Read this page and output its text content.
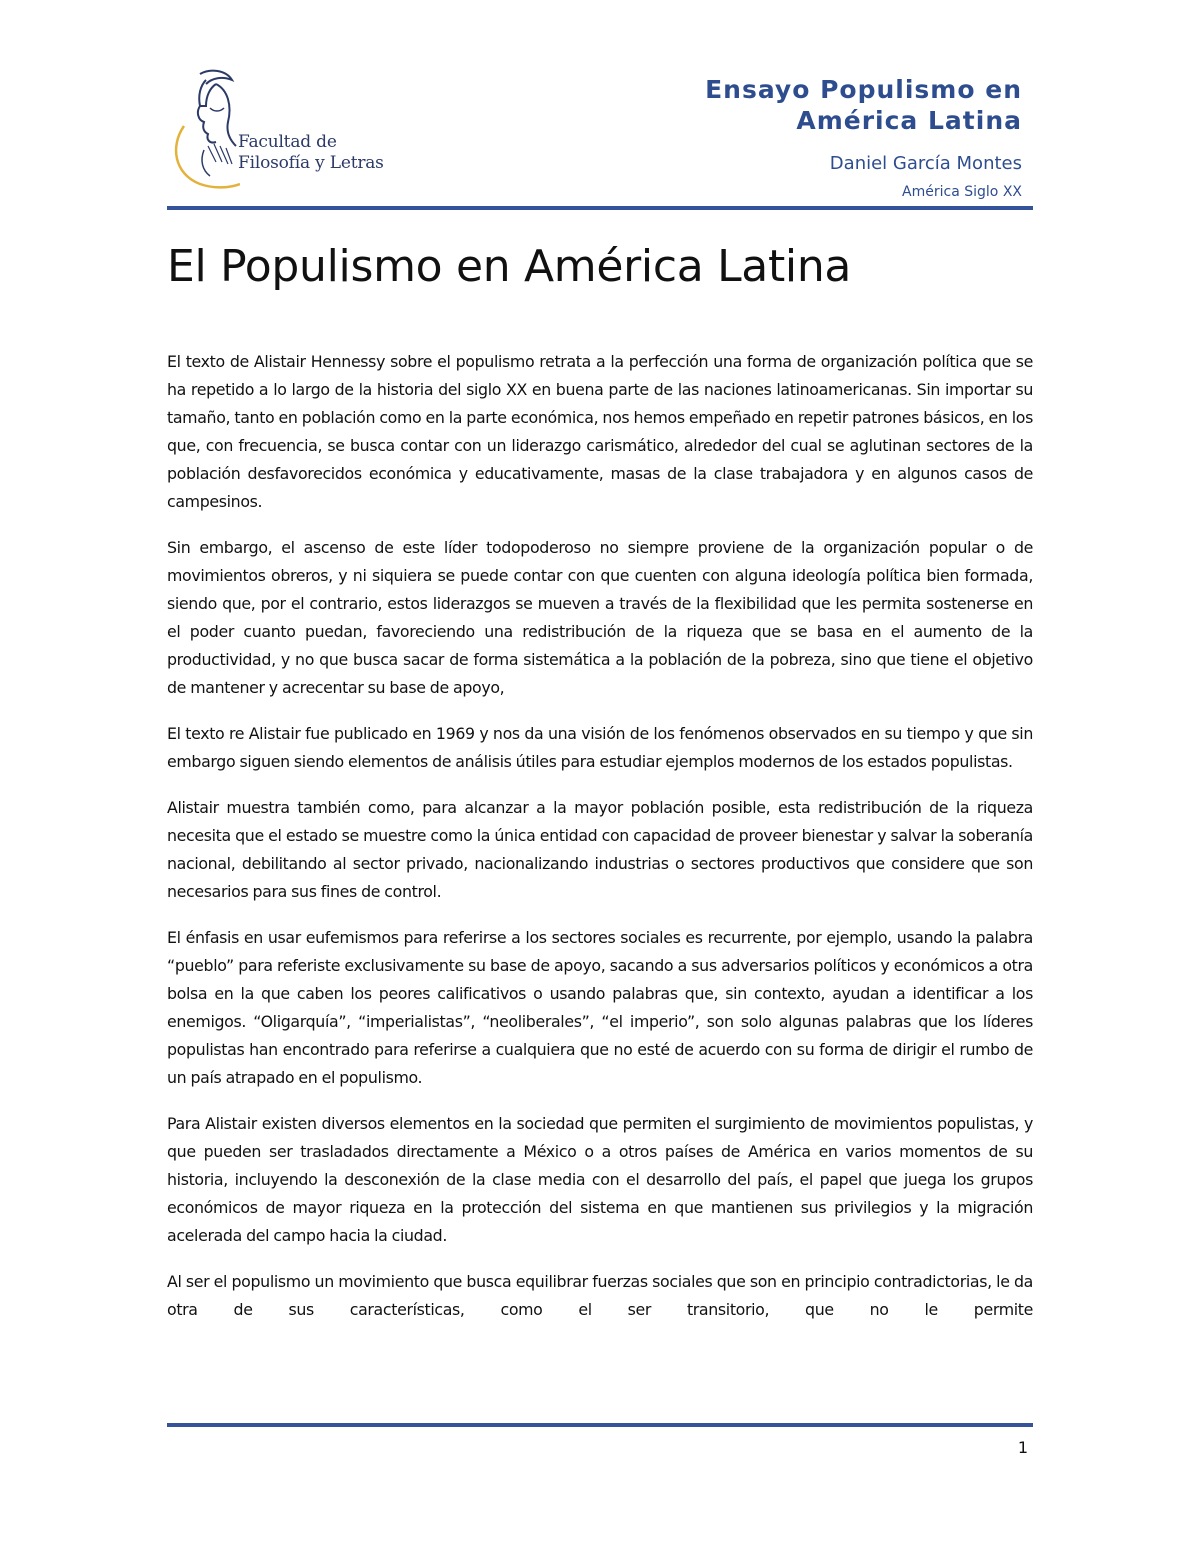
Facultad de
Filosofía y Letras
Ensayo Populismo en
América Latina
Daniel García Montes
América Siglo XX
El Populismo en América Latina

El texto de Alistair Hennessy sobre el populismo retrata a la perfección una forma de organización política que se ha repetido a lo largo de la historia del siglo XX en buena parte de las naciones latinoamericanas. Sin importar su tamaño, tanto en población como en la parte económica, nos hemos empeñado en repetir patrones básicos, en los que, con frecuencia, se busca contar con un liderazgo carismático, alrededor del cual se aglutinan sectores de la población desfavorecidos económica y educativamente, masas de la clase trabajadora y en algunos casos de campesinos.

Sin embargo, el ascenso de este líder todopoderoso no siempre proviene de la organización popular o de movimientos obreros, y ni siquiera se puede contar con que cuenten con alguna ideología política bien formada, siendo que, por el contrario, estos liderazgos se mueven a través de la flexibilidad que les permita sostenerse en el poder cuanto puedan, favoreciendo una redistribución de la riqueza que se basa en el aumento de la productividad, y no que busca sacar de forma sistemática a la población de la pobreza, sino que tiene el objetivo de mantener y acrecentar su base de apoyo,

El texto re Alistair fue publicado en 1969 y nos da una visión de los fenómenos observados en su tiempo y que sin embargo siguen siendo elementos de análisis útiles para estudiar ejemplos modernos de los estados populistas.

Alistair muestra también como, para alcanzar a la mayor población posible, esta redistribución de la riqueza necesita que el estado se muestre como la única entidad con capacidad de proveer bienestar y salvar la soberanía nacional, debilitando al sector privado, nacionalizando industrias o sectores productivos que considere que son necesarios para sus fines de control.

El énfasis en usar eufemismos para referirse a los sectores sociales es recurrente, por ejemplo, usando la palabra “pueblo” para referiste exclusivamente su base de apoyo, sacando a sus adversarios políticos y económicos a otra bolsa en la que caben los peores calificativos o usando palabras que, sin contexto, ayudan a identificar a los enemigos. “Oligarquía”, “imperialistas”, “neoliberales”, “el imperio”, son solo algunas palabras que los líderes populistas han encontrado para referirse a cualquiera que no esté de acuerdo con su forma de dirigir el rumbo de un país atrapado en el populismo.

Para Alistair existen diversos elementos en la sociedad que permiten el surgimiento de movimientos populistas, y que pueden ser trasladados directamente a México o a otros países de América en varios momentos de su historia, incluyendo la desconexión de la clase media con el desarrollo del país, el papel que juega los grupos económicos de mayor riqueza en la protección del sistema en que mantienen sus privilegios y la migración acelerada del campo hacia la ciudad.

Al ser el populismo un movimiento que busca equilibrar fuerzas sociales que son en principio contradictorias, le da otra de sus características, como el ser transitorio, que no le permite

1
